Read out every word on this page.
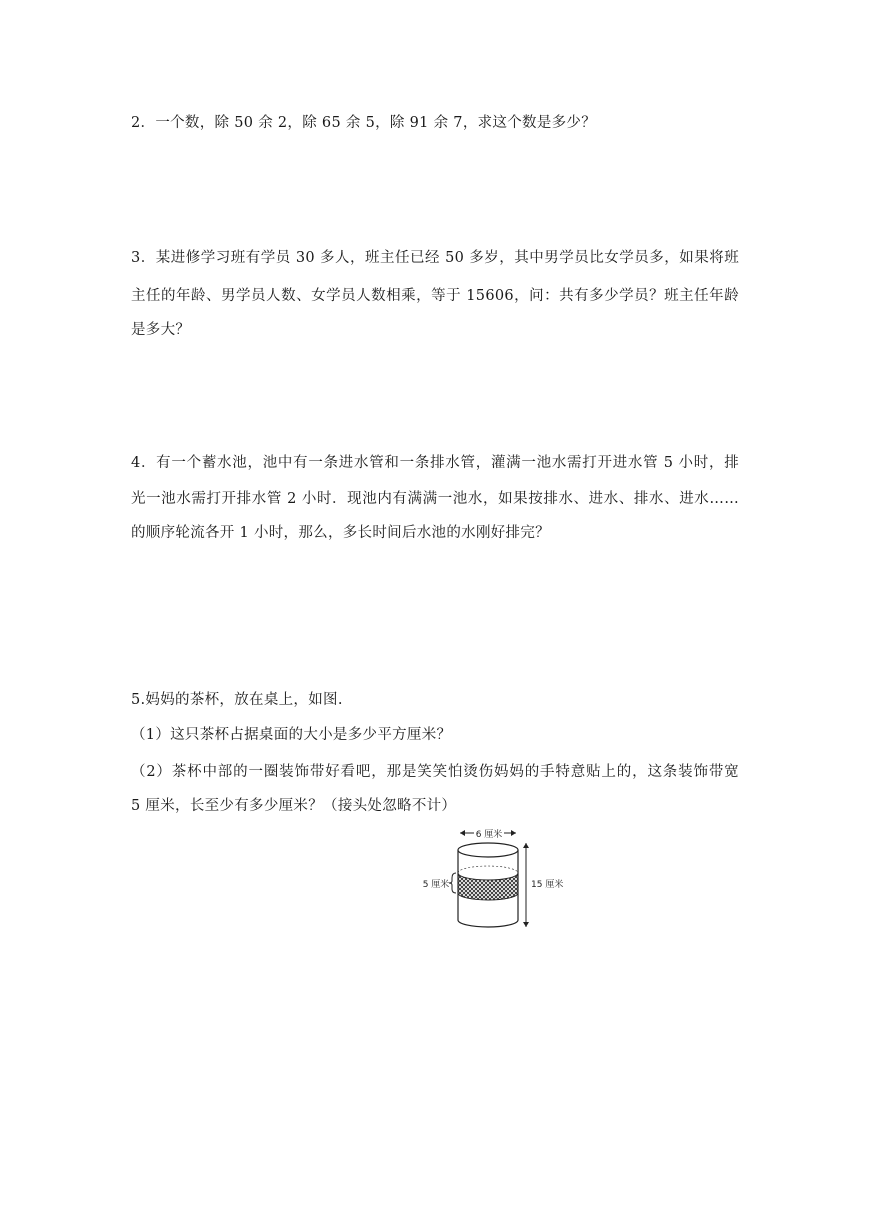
2．一个数，除 50 余 2，除 65 余 5，除 91 余 7，求这个数是多少？
3．某进修学习班有学员 30 多人，班主任已经 50 多岁，其中男学员比女学员多，如果将班
主任的年龄、男学员人数、女学员人数相乘，等于 15606，问：共有多少学员？班主任年龄
是多大？
4．有一个蓄水池，池中有一条进水管和一条排水管，灌满一池水需打开进水管 5 小时，排
光一池水需打开排水管 2 小时．现池内有满满一池水，如果按排水、进水、排水、进水……
的顺序轮流各开 1 小时，那么，多长时间后水池的水刚好排完？
5.妈妈的茶杯，放在桌上，如图.
（1）这只茶杯占据桌面的大小是多少平方厘米？
（2）茶杯中部的一圈装饰带好看吧，那是笑笑怕烫伤妈妈的手特意贴上的，这条装饰带宽
5 厘米，长至少有多少厘米？（接头处忽略不计）
6 厘米
5 厘米	15 厘米
